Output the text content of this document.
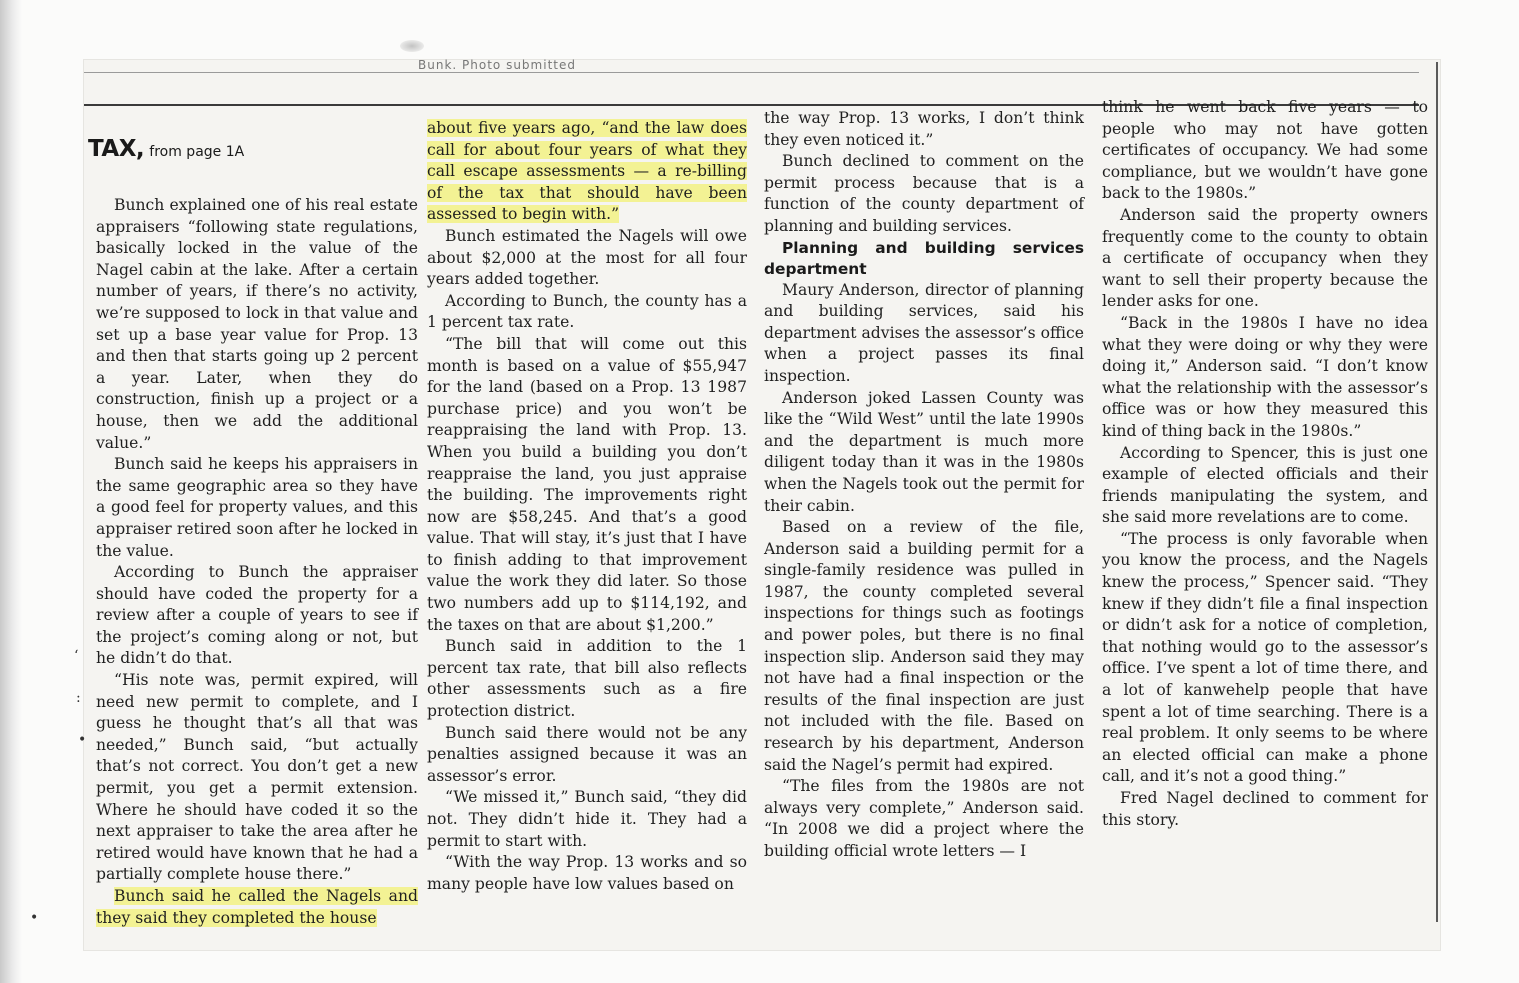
Bunk. Photo submitted
TAX, from page 1A

Bunch explained one of his real estate appraisers “following state regulations, basically locked in the value of the Nagel cabin at the lake. After a certain number of years, if there’s no activity, we’re supposed to lock in that value and set up a base year value for Prop. 13 and then that starts going up 2 percent a year. Later, when they do construction, finish up a project or a house, then we add the additional value.”

Bunch said he keeps his appraisers in the same geographic area so they have a good feel for property values, and this appraiser retired soon after he locked in the value.

According to Bunch the appraiser should have coded the property for a review after a couple of years to see if the project’s coming along or not, but he didn’t do that.

“His note was, permit expired, will need new permit to complete, and I guess he thought that’s all that was needed,” Bunch said, “but actually that’s not correct. You don’t get a new permit, you get a permit extension. Where he should have coded it so the next appraiser to take the area after he retired would have known that he had a partially complete house there.”

Bunch said he called the Nagels and they said they completed the house

about five years ago, “and the law does call for about four years of what they call escape assessments — a re-billing of the tax that should have been assessed to begin with.”

Bunch estimated the Nagels will owe about $2,000 at the most for all four years added together.

According to Bunch, the county has a 1 percent tax rate.

“The bill that will come out this month is based on a value of $55,947 for the land (based on a Prop. 13 1987 purchase price) and you won’t be reappraising the land with Prop. 13. When you build a building you don’t reappraise the land, you just appraise the building. The improvements right now are $58,245. And that’s a good value. That will stay, it’s just that I have to finish adding to that improvement value the work they did later. So those two numbers add up to $114,192, and the taxes on that are about $1,200.”

Bunch said in addition to the 1 percent tax rate, that bill also reflects other assessments such as a fire protection district.

Bunch said there would not be any penalties assigned because it was an assessor’s error.

“We missed it,” Bunch said, “they did not. They didn’t hide it. They had a permit to start with.

“With the way Prop. 13 works and so many people have low values based on

the way Prop. 13 works, I don’t think they even noticed it.”

Bunch declined to comment on the permit process because that is a function of the county department of planning and building services.

Planning and building services department

Maury Anderson, director of planning and building services, said his department advises the assessor’s office when a project passes its final inspection.

Anderson joked Lassen County was like the “Wild West” until the late 1990s and the department is much more diligent today than it was in the 1980s when the Nagels took out the permit for their cabin.

Based on a review of the file, Anderson said a building permit for a single-family residence was pulled in 1987, the county completed several inspections for things such as footings and power poles, but there is no final inspection slip. Anderson said they may not have had a final inspection or the results of the final inspection are just not included with the file. Based on research by his department, Anderson said the Nagel’s permit had expired.

“The files from the 1980s are not always very complete,” Anderson said. “In 2008 we did a project where the building official wrote letters — I

think he went back five years — to people who may not have gotten certificates of occupancy. We had some compliance, but we wouldn’t have gone back to the 1980s.”

Anderson said the property owners frequently come to the county to obtain a certificate of occupancy when they want to sell their property because the lender asks for one.

“Back in the 1980s I have no idea what they were doing or why they were doing it,” Anderson said. “I don’t know what the relationship with the assessor’s office was or how they measured this kind of thing back in the 1980s.”

According to Spencer, this is just one example of elected officials and their friends manipulating the system, and she said more revelations are to come.

“The process is only favorable when you know the process, and the Nagels knew the process,” Spencer said. “They knew if they didn’t file a final inspection or didn’t ask for a notice of completion, that nothing would go to the assessor’s office. I’ve spent a lot of time there, and a lot of kanwehelp people that have spent a lot of time searching. There is a real problem. It only seems to be where an elected official can make a phone call, and it’s not a good thing.”

Fred Nagel declined to comment for this story.

‘
:
•
•
